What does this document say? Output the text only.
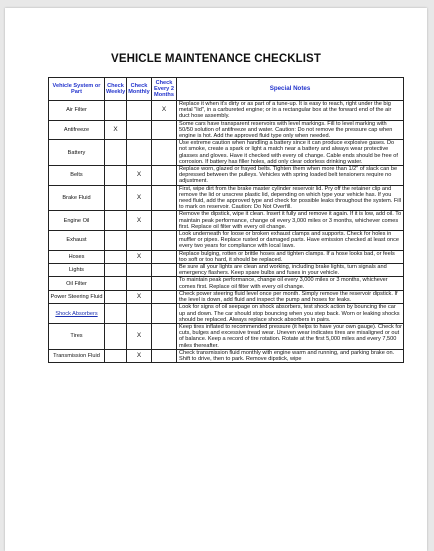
VEHICLE MAINTENANCE CHECKLIST
Vehicle System or Part	Check Weekly	Check Monthly	Check Every 2 Months	Special Notes
Air Filter			X	Replace it when it's dirty or as part of a tune-up. It is easy to reach, right under the big metal "lid", in a carbureted engine; or in a rectangular box at the forward end of the air duct hose assembly.
Antifreeze	X			Some cars have transparent reservoirs with level markings. Fill to level marking with 50/50 solution of antifreeze and water. Caution: Do not remove the pressure cap when engine is hot. Add the approved fluid type only when needed.
Battery				Use extreme caution when handling a battery since it can produce explosive gases. Do not smoke, create a spark or light a match near a battery and always wear protective glasses and gloves. Have it checked with every oil change. Cable ends should be free of corrosion. If battery has filler holes, add only clear odorless drinking water.
Belts		X		Replace worn, glazed or frayed belts. Tighten them when more than 1/2" of slack can be depressed between the pulleys. Vehicles with spring loaded belt tensioners require no adjustment.
Brake Fluid		X		First, wipe dirt from the brake master cylinder reservoir lid. Pry off the retainer clip and remove the lid or unscrew plastic lid, depending on which type your vehicle has. If you need fluid, add the approved type and check for possible leaks throughout the system. Fill to mark on reservoir. Caution: Do Not Overfill.
Engine Oil		X		Remove the dipstick, wipe it clean. Insert it fully and remove it again. If it is low, add oil. To maintain peak performance, change oil every 3,000 miles or 3 months, whichever comes first. Replace oil filter with every oil change.
Exhaust				Look underneath for loose or broken exhaust clamps and supports. Check for holes in muffler or pipes. Replace rusted or damaged parts. Have emission checked at least once every two years for compliance with local laws.
Hoses		X		Replace bulging, rotten or brittle hoses and tighten clamps. If a hose looks bad, or feels too soft or too hard, it should be replaced.
Lights				Be sure all your lights are clean and working, including brake lights, turn signals and emergency flashers. Keep spare bulbs and fuses in your vehicle.
Oil Filter				To maintain peak performance, change oil every 3,000 miles or 3 months, whichever comes first. Replace oil filter with every oil change.
Power Steering Fluid		X		Check power steering fluid level once per month. Simply remove the reservoir dipstick. If the level is down, add fluid and inspect the pump and hoses for leaks.
Shock Absorbers				Look for signs of oil seepage on shock absorbers, test shock action by bouncing the car up and down. The car should stop bouncing when you step back. Worn or leaking shocks should be replaced. Always replace shock absorbers in pairs.
Tires		X		Keep tires inflated to recommended pressure (it helps to have your own gauge). Check for cuts, bulges and excessive tread wear. Uneven wear indicates tires are misaligned or out of balance. Keep a record of tire rotation. Rotate at the first 5,000 miles and every 7,500 miles thereafter.
Transmission Fluid		X		Check transmission fluid monthly with engine warm and running, and parking brake on. Shift to drive, then to park. Remove dipstick, wipe
